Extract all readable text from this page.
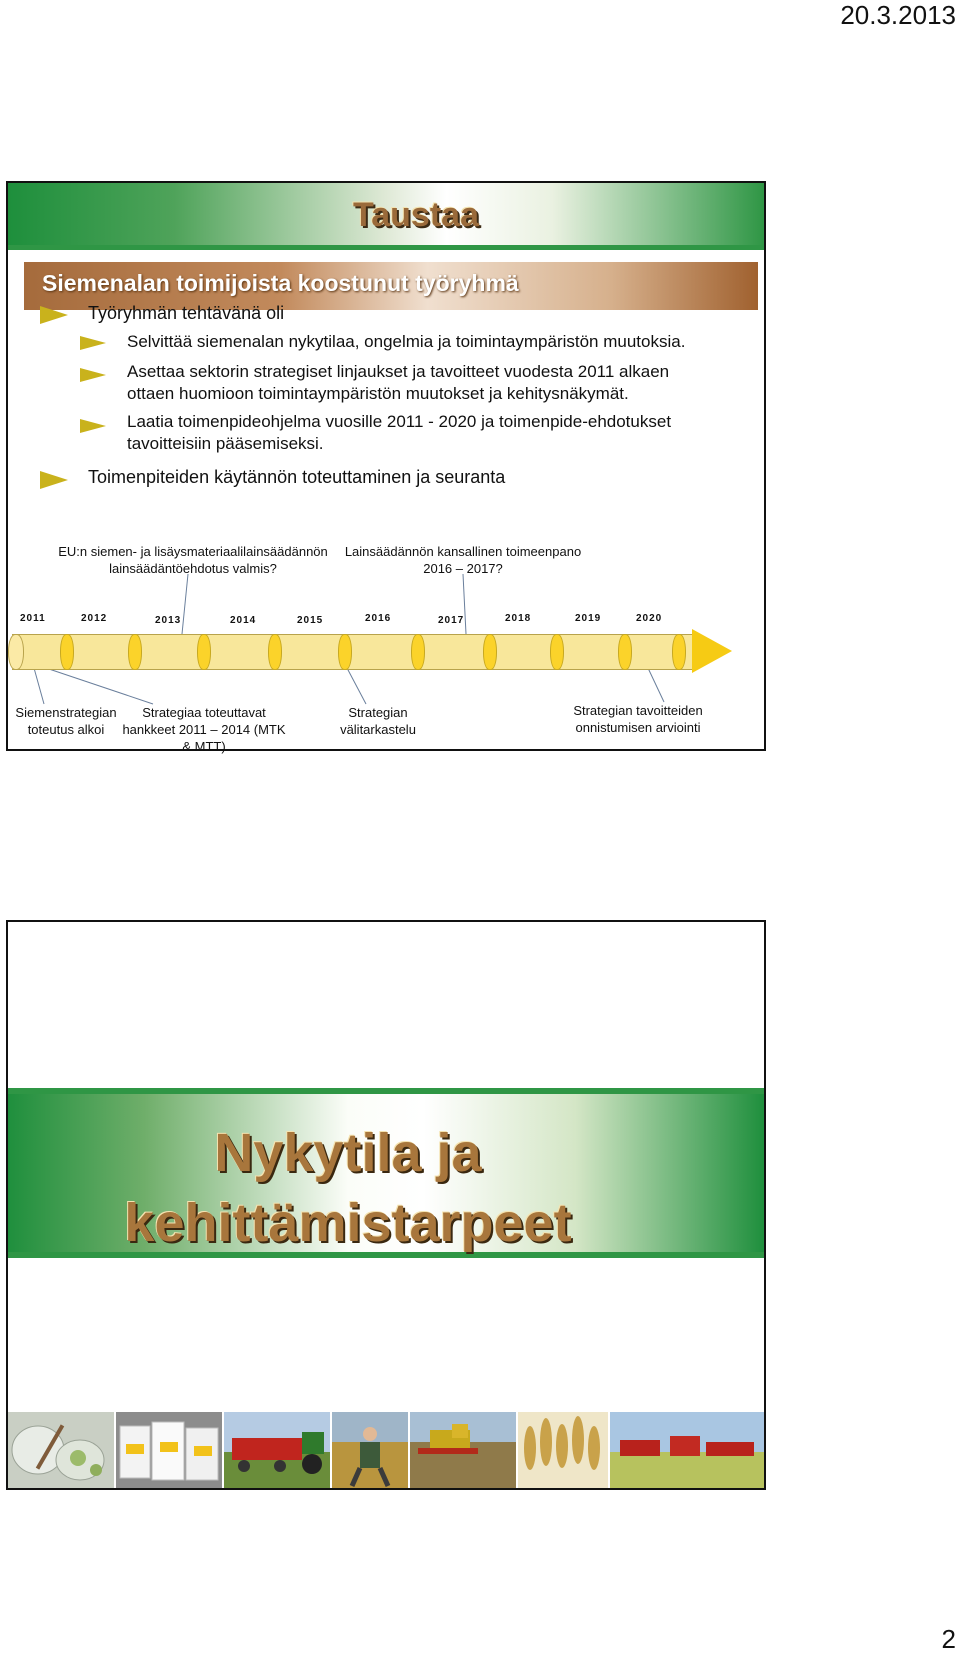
20.3.2013
Taustaa
Siemenalan toimijoista koostunut työryhmä
Työryhmän tehtävänä oli
Selvittää siemenalan nykytilaa, ongelmia ja toimintaympäristön muutoksia.
Asettaa sektorin strategiset linjaukset ja tavoitteet vuodesta 2011 alkaen ottaen huomioon toimintaympäristön muutokset ja kehitysnäkymät.
Laatia toimenpideohjelma vuosille 2011 - 2020 ja toimenpide-ehdotukset tavoitteisiin pääsemiseksi.
Toimenpiteiden käytännön toteuttaminen ja seuranta
EU:n siemen- ja lisäysmateriaalilainsäädännön lainsäädäntöehdotus valmis?
Lainsäädännön kansallinen toimeenpano 2016 – 2017?
2011	2012	2013	2014	2015	2016	2017	2018	2019	2020
Siemenstrategian toteutus alkoi
Strategiaa toteuttavat hankkeet 2011 – 2014 (MTK & MTT)
Strategian välitarkastelu
Strategian tavoitteiden onnistumisen arviointi
Nykytila ja
kehittämistarpeet
2
